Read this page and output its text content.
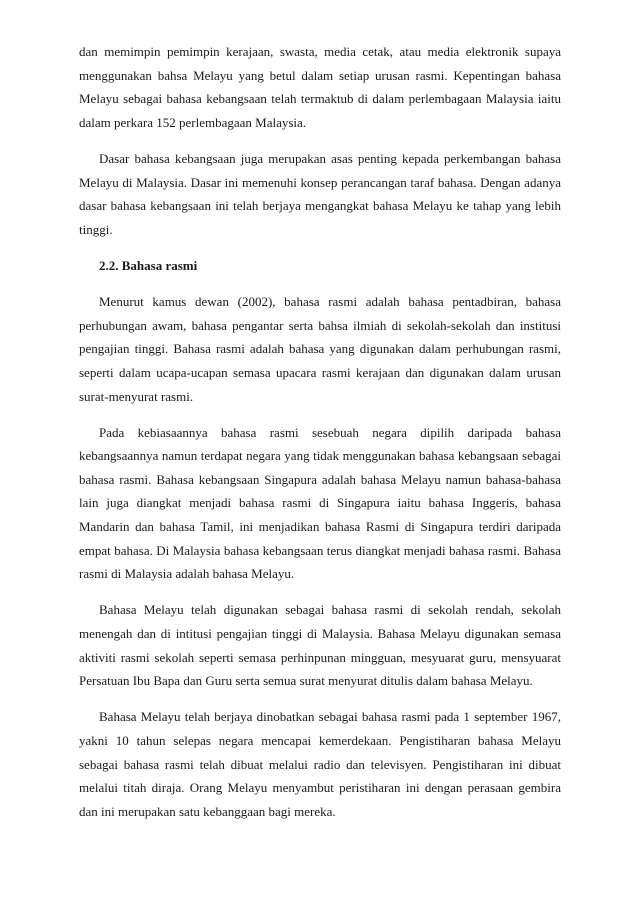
dan memimpin pemimpin kerajaan, swasta, media cetak, atau media elektronik supaya menggunakan bahsa Melayu yang betul dalam setiap urusan rasmi. Kepentingan bahasa Melayu sebagai bahasa kebangsaan telah termaktub di dalam perlembagaan Malaysia iaitu dalam perkara 152 perlembagaan Malaysia.

Dasar bahasa kebangsaan juga merupakan asas penting kepada perkembangan bahasa Melayu di Malaysia. Dasar ini memenuhi konsep perancangan taraf bahasa. Dengan adanya dasar bahasa kebangsaan ini telah berjaya mengangkat bahasa Melayu ke tahap yang lebih tinggi.

2.2. Bahasa rasmi

Menurut kamus dewan (2002), bahasa rasmi adalah bahasa pentadbiran, bahasa perhubungan awam, bahasa pengantar serta bahsa ilmiah di sekolah-sekolah dan institusi pengajian tinggi. Bahasa rasmi adalah bahasa yang digunakan dalam perhubungan rasmi, seperti dalam ucapa-ucapan semasa upacara rasmi kerajaan dan digunakan dalam urusan surat-menyurat rasmi.

Pada kebiasaannya bahasa rasmi sesebuah negara dipilih daripada bahasa kebangsaannya namun terdapat negara yang tidak menggunakan bahasa kebangsaan sebagai bahasa rasmi. Bahasa kebangsaan Singapura adalah bahasa Melayu namun bahasa-bahasa lain juga diangkat menjadi bahasa rasmi di Singapura iaitu bahasa Inggeris, bahasa Mandarin dan bahasa Tamil, ini menjadikan bahasa Rasmi di Singapura terdiri daripada empat bahasa. Di Malaysia bahasa kebangsaan terus diangkat menjadi bahasa rasmi. Bahasa rasmi di Malaysia adalah bahasa Melayu.

Bahasa Melayu telah digunakan sebagai bahasa rasmi di sekolah rendah, sekolah menengah dan di intitusi pengajian tinggi di Malaysia. Bahasa Melayu digunakan semasa aktiviti rasmi sekolah seperti semasa perhinpunan mingguan, mesyuarat guru, mensyuarat Persatuan Ibu Bapa dan Guru serta semua surat menyurat ditulis dalam bahasa Melayu.

Bahasa Melayu telah berjaya dinobatkan sebagai bahasa rasmi pada 1 september 1967, yakni 10 tahun selepas negara mencapai kemerdekaan. Pengistiharan bahasa Melayu sebagai bahasa rasmi telah dibuat melalui radio dan televisyen. Pengistiharan ini dibuat melalui titah diraja. Orang Melayu menyambut peristiharan ini dengan perasaan gembira dan ini merupakan satu kebanggaan bagi mereka.
